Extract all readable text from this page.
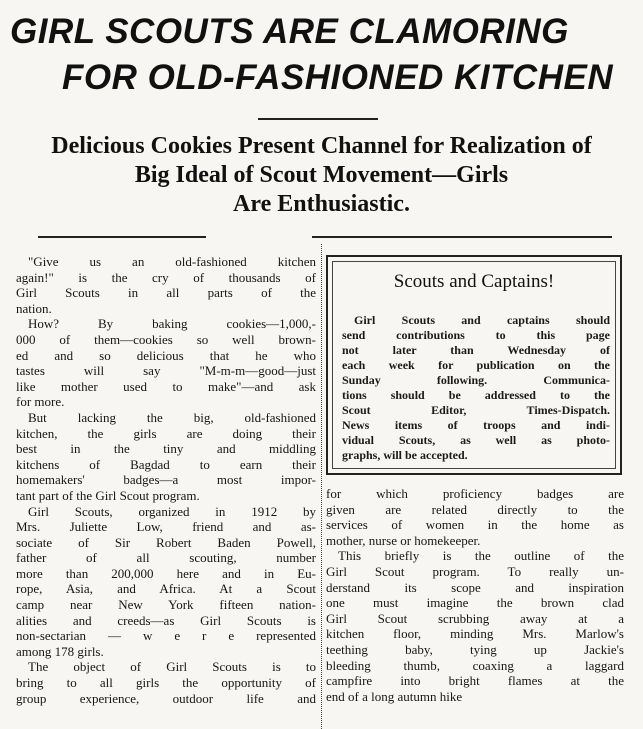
GIRL SCOUTS ARE CLAMORING
FOR OLD-FASHIONED KITCHEN
Delicious Cookies Present Channel for Realization of
Big Ideal of Scout Movement—Girls
Are Enthusiastic.
"Give us an old-fashioned kitchen
again!" is the cry of thousands of
Girl Scouts in all parts of the
nation.
How? By baking cookies—1,000,-
000 of them—cookies so well brown-
ed and so delicious that he who
tastes will say "M-m-m—good—just
like mother used to make"—and ask
for more.
But lacking the big, old-fashioned
kitchen, the girls are doing their
best in the tiny and middling
kitchens of Bagdad to earn their
homemakers' badges—a most impor-
tant part of the Girl Scout program.
Girl Scouts, organized in 1912 by
Mrs. Juliette Low, friend and as-
sociate of Sir Robert Baden Powell,
father of all scouting, number
more than 200,000 here and in Eu-
rope, Asia, and Africa. At a Scout
camp near New York fifteen nation-
alities and creeds—as Girl Scouts is
non-sectarian — w e r e represented
among 178 girls.
The object of Girl Scouts is to
bring to all girls the opportunity of
group experience, outdoor life and
Scouts and Captains!
Girl Scouts and captains should
send contributions to this page
not later than Wednesday of
each week for publication on the
Sunday following. Communica-
tions should be addressed to the
Scout Editor, Times-Dispatch.
News items of troops and indi-
vidual Scouts, as well as photo-
graphs, will be accepted.
for which proficiency badges are
given are related directly to the
services of women in the home as
mother, nurse or homekeeper.
This briefly is the outline of the
Girl Scout program. To really un-
derstand its scope and inspiration
one must imagine the brown clad
Girl Scout scrubbing away at a
kitchen floor, minding Mrs. Marlow's
teething baby, tying up Jackie's
bleeding thumb, coaxing a laggard
campfire into bright flames at the
end of a long autumn hike
